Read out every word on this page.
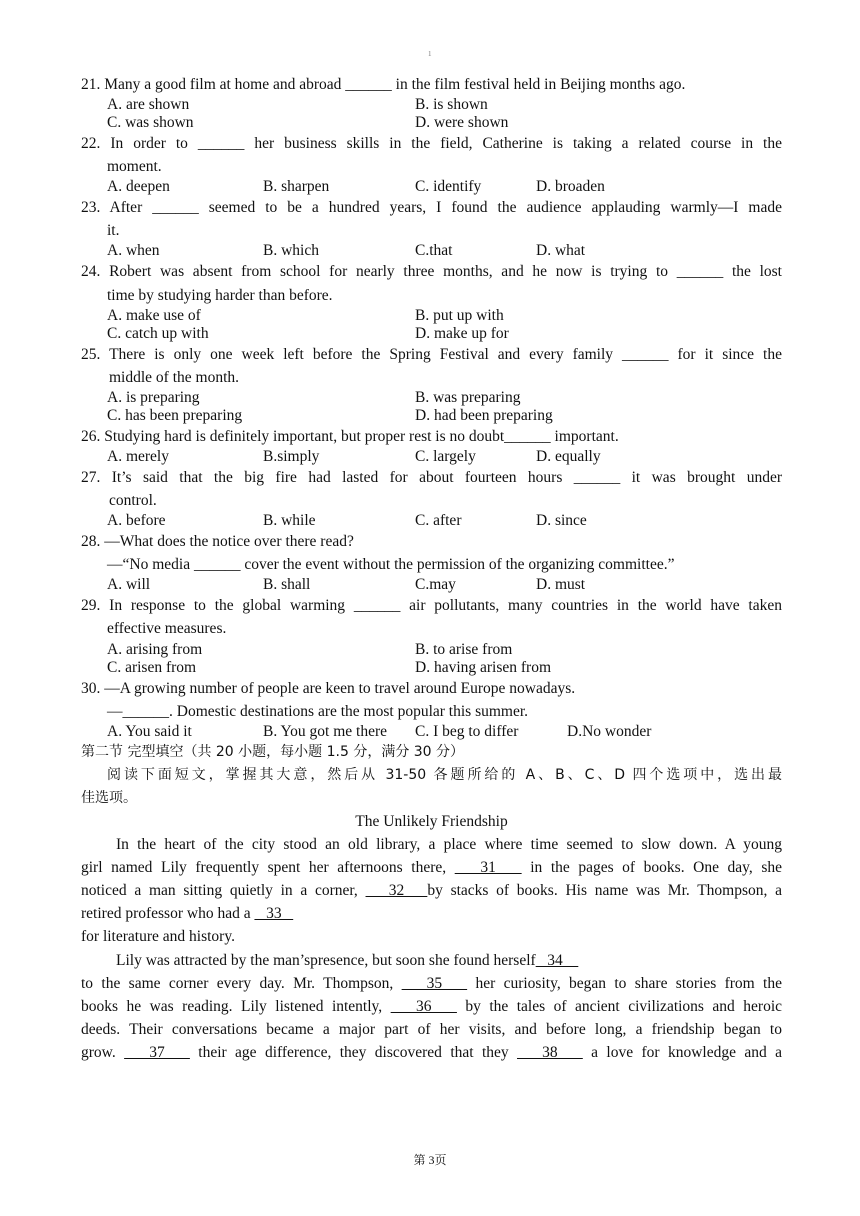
1
21. Many a good film at home and abroad ______ in the film festival held in Beijing months ago.
A. are shown	B. is shown
C. was shown	D. were shown
22. In order to ______ her business skills in the field, Catherine is taking a related course in the
moment.
A. deepen	B. sharpen	C. identify	D. broaden
23. After ______ seemed to be a hundred years, I found the audience applauding warmly—I made
it.
A. when	B. which	C.that	D. what
24. Robert was absent from school for nearly three months, and he now is trying to ______ the lost
time by studying harder than before.
A. make use of	B. put up with
C. catch up with	D. make up for
25. There is only one week left before the Spring Festival and every family ______ for it since the
middle of the month.
A. is preparing	B. was preparing
C. has been preparing	D. had been preparing
26. Studying hard is definitely important, but proper rest is no doubt______ important.
A. merely	B.simply	C. largely	D. equally
27. It’s said that the big fire had lasted for about fourteen hours ______ it was brought under
control.
A. before	B. while	C. after	D. since
28. —What does the notice over there read?
—“No media ______ cover the event without the permission of the organizing committee.”
A. will	B. shall	C.may	D. must
29. In response to the global warming ______ air pollutants, many countries in the world have taken
effective measures.
A. arising from	B. to arise from
C. arisen from	D. having arisen from
30. —A growing number of people are keen to travel around Europe nowadays.
—______. Domestic destinations are the most popular this summer.
A. You said it	B. You got me there	C. I beg to differ	D.No wonder
第二节 完型填空（共 20 小题，每小题 1.5 分，满分 30 分）
阅读下面短文，掌握其大意，然后从 31-50 各题所给的 A、B、C、D 四个选项中，选出最
佳选项。
The Unlikely Friendship
In the heart of the city stood an old library, a place where time seemed to slow down. A young
girl named Lily frequently spent her afternoons there,    31    in the pages of books. One day, she
noticed a man sitting quietly in a corner,    32   by stacks of books. His name was Mr. Thompson, a
retired professor who had a    33
for literature and history.
Lily was attracted by the man’spresence, but soon she found herself   34
to the same corner every day. Mr. Thompson,    35    her curiosity, began to share stories from the
books he was reading. Lily listened intently,    36    by the tales of ancient civilizations and heroic
deeds. Their conversations became a major part of her visits, and before long, a friendship began to
grow.    37    their age difference, they discovered that they    38    a love for knowledge and a
第 3页
